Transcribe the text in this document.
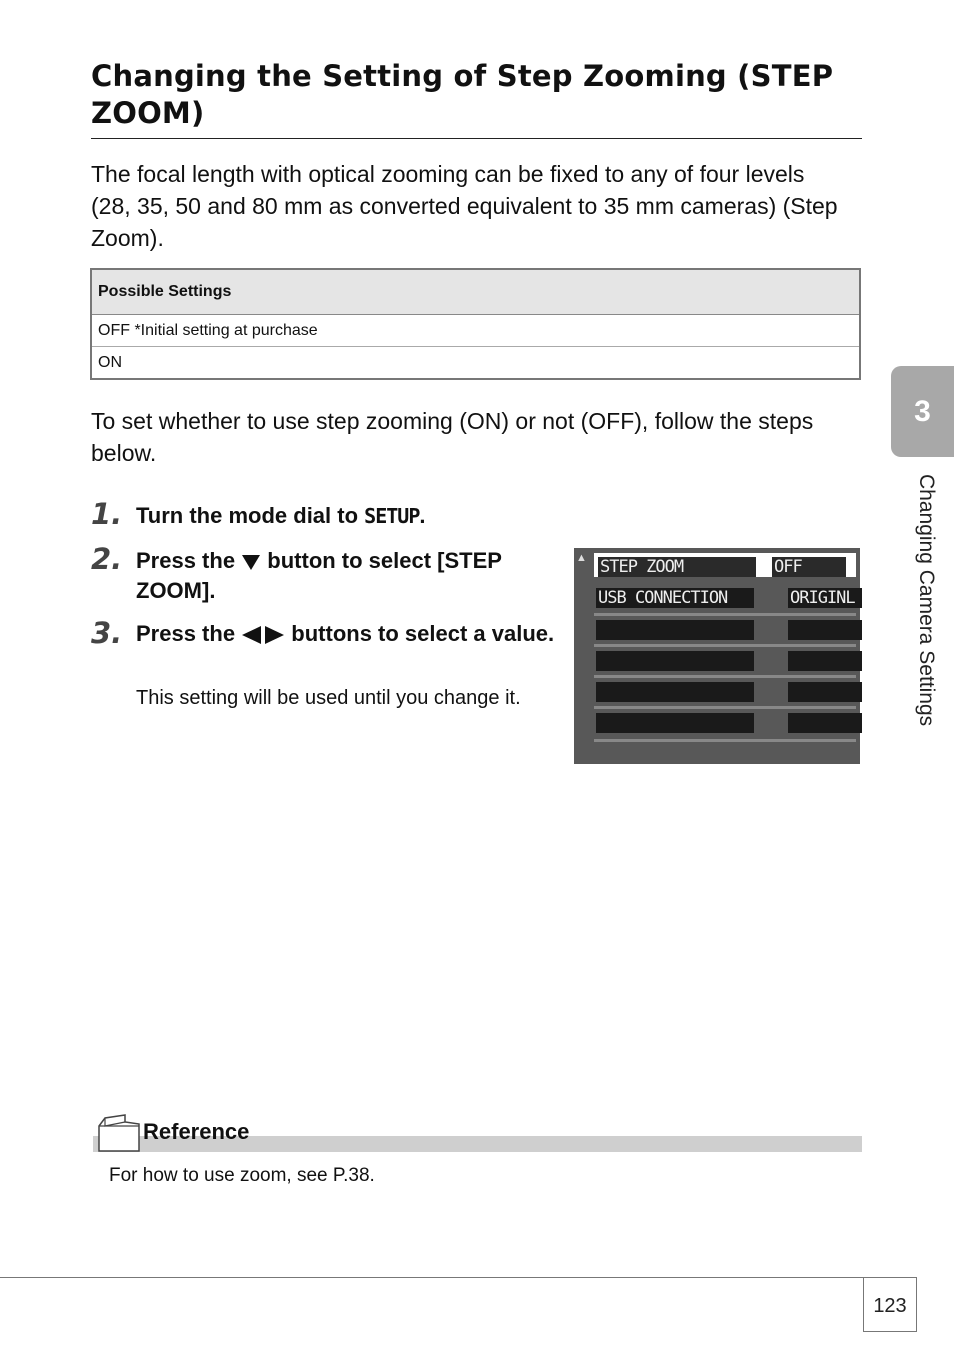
Changing the Setting of Step Zooming (STEP ZOOM)

The focal length with optical zooming can be fixed to any of four levels (28, 35, 50 and 80 mm as converted equivalent to 35 mm cameras) (Step Zoom).

Possible Settings
OFF *Initial setting at purchase
ON

To set whether to use step zooming (ON) or not (OFF), follow the steps below.

1. Turn the mode dial to SETUP.

2. Press the  button to select [STEP ZOOM].

3. Press the  buttons to select a value.

This setting will be used until you change it.

▲ STEP ZOOM	◀ OFF	▶
USB CONNECTION	ORIGINL
3
Changing Camera Settings
Reference
For how to use zoom, see P.38.
123
